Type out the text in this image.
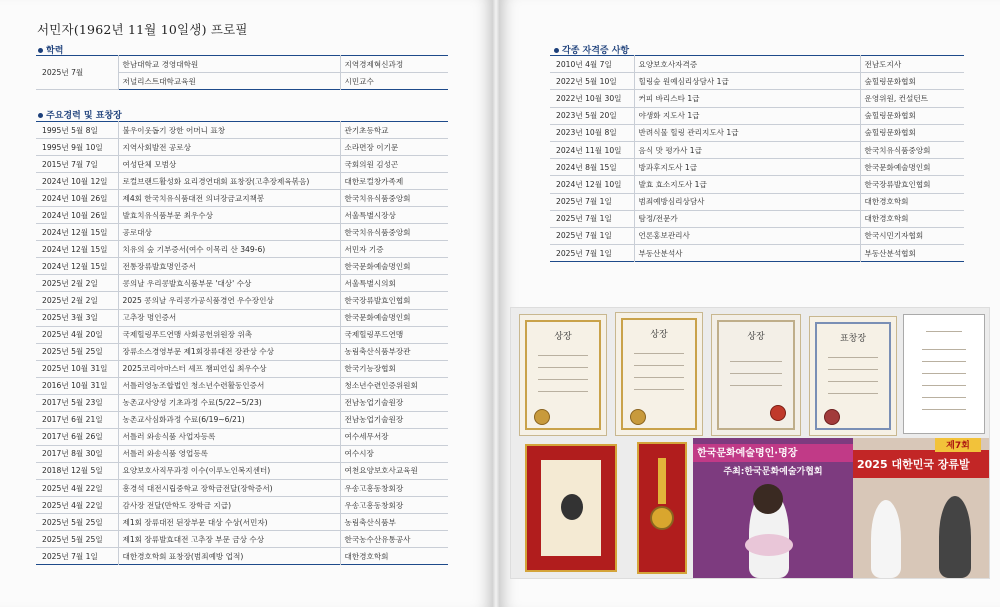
서민자(1962년 11월 10일생) 프로필
학력
2025년 7월	한남대학교 경영대학원	지역경제혁신과정
	저널리스트대학교육원	시민교수
주요경력 및 표창장
1995년 5월 8일	불우이웃돕기 장한 어머니 표창	관기초등학교
1995년 9월 10일	지역사회발전 공로상	소라면장 이기문
2015년 7월 7일	여성단체 모범상	국회의원 김성곤
2024년 10월 12일	로컬브랜드활성화 요리경연대회 표창장(고추장제육볶음)	대한로컬창가족제
2024년 10월 26일	제4회 한국치유식품대전 의녀장금교지책봉	한국치유식품중앙회
2024년 10월 26일	발효치유식품부문 최우수상	서울특별시장상
2024년 12월 15일	공로대상	한국치유식품중앙회
2024년 12월 15일	치유의 숲 기부증서(여수 이목리 산 349-6)	서민자 기증
2024년 12월 15일	전통장류발효명인증서	한국문화예술명인회
2025년 2월 2일	콩의날 우리콩발효식품부문 '대상' 수상	서울특별시의회
2025년 2월 2일	2025 콩의날 우리콩가공식품경연 우수장인상	한국장류발효인협회
2025년 3월 3일	고추장 명인증서	한국문화예술명인회
2025년 4월 20일	국제힐링푸드연맹 사회공헌위원장 위촉	국제힐링푸드연맹
2025년 5월 25일	장류소스경영부문 제1회장류대전 장관상 수상	농림축산식품부장관
2025년 10월 31일	2025코리아마스터 셰프 챔피언십 최우수상	한국기능장협회
2016년 10월 31일	서틀러영농조합법인 청소년수련활동인증서	청소년수련인증위원회
2017년 5월 23일	농촌교사양성 기초과정 수료(5/22~5/23)	전남농업기술원장
2017년 6월 21일	농촌교사심화과정 수료(6/19~6/21)	전남농업기술원장
2017년 6월 26일	서틀러 와송식품 사업자등록	여수세무서장
2017년 8월 30일	서틀러 와송식품 영업등록	여수시장
2018년 12월 5일	요양보호사직무과정 이수(이루노인복지센터)	여천요양보호사교육원
2025년 4월 22일	흥경석 대전시립중학교 장학금전달(장학증서)	우송고흥동창회장
2025년 4월 22일	감사장 전달(만학도 장학금 지급)	우송고흥동창회장
2025년 5월 25일	제1회 장류대전 된장부문 대상 수상(서민자)	농림축산식품부
2025년 5월 25일	제1회 장류발효대전 고추장 부문 금상 수상	한국농수산유통공사
2025년 7월 1일	대한경호학회 표창장(범죄예방 업적)	대한경호학회
각종 자격증 사항
2010년 4월 7일	요양보호사자격증	전남도지사
2022년 5월 10일	힐링숲 원예심리상담사 1급	숲힐링문화협회
2022년 10월 30일	커피 바리스타 1급	운영위원, 컨설턴트
2023년 5월 20일	야생화 지도사 1급	숲힐링문화협회
2023년 10월 8일	반려식물 힐링 관리지도사 1급	숲힐링문화협회
2024년 11월 10일	음식 맛 평가사 1급	한국치유식품중앙회
2024년 8월 15일	방과후지도사 1급	한국문화예술명인회
2024년 12월 10일	발효 효소지도사 1급	한국장류발효인협회
2025년 7월 1일	범죄예방심리상담사	대한경호학회
2025년 7월 1일	탐정/전문가	대한경호학회
2025년 7월 1일	언론홍보관리사	한국시민기자협회
2025년 7월 1일	부동산분석사	부동산분석협회
상장	상장	상장	표창장
한국문화예술명인·명장
주최:한국문화예술가협회
2025 대한민국 장류발
제7회
